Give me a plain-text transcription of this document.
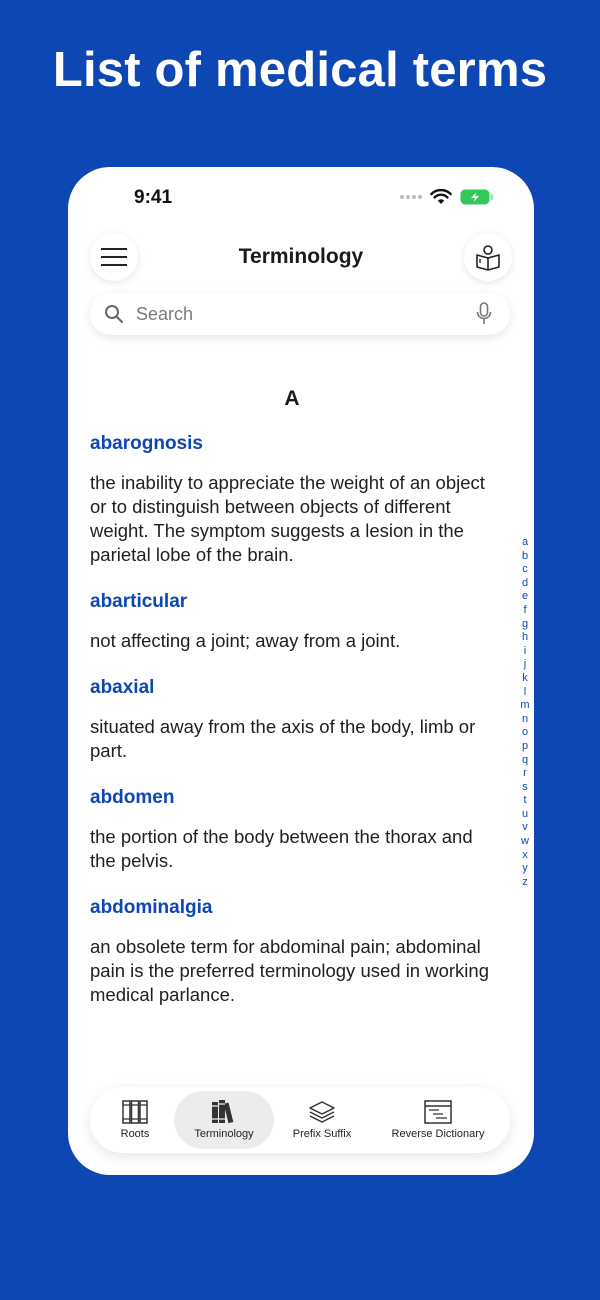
List of medical terms
9:41
Terminology
Search
A
abarognosis

the inability to appreciate the weight of an object or to distinguish between objects of different weight. The symptom suggests a lesion in the parietal lobe of the brain.

abarticular

not affecting a joint; away from a joint.

abaxial

situated away from the axis of the body, limb or part.

abdomen

the portion of the body between the thorax and the pelvis.

abdominalgia

an obsolete term for abdominal pain; abdominal pain is the preferred terminology used in working medical parlance.

a
b
c
d
e
f
g
h
i
j
k
l
m
n
o
p
q
r
s
t
u
v
w
x
y
z
Roots	Terminology	Prefix Suffix	Reverse Dictionary
